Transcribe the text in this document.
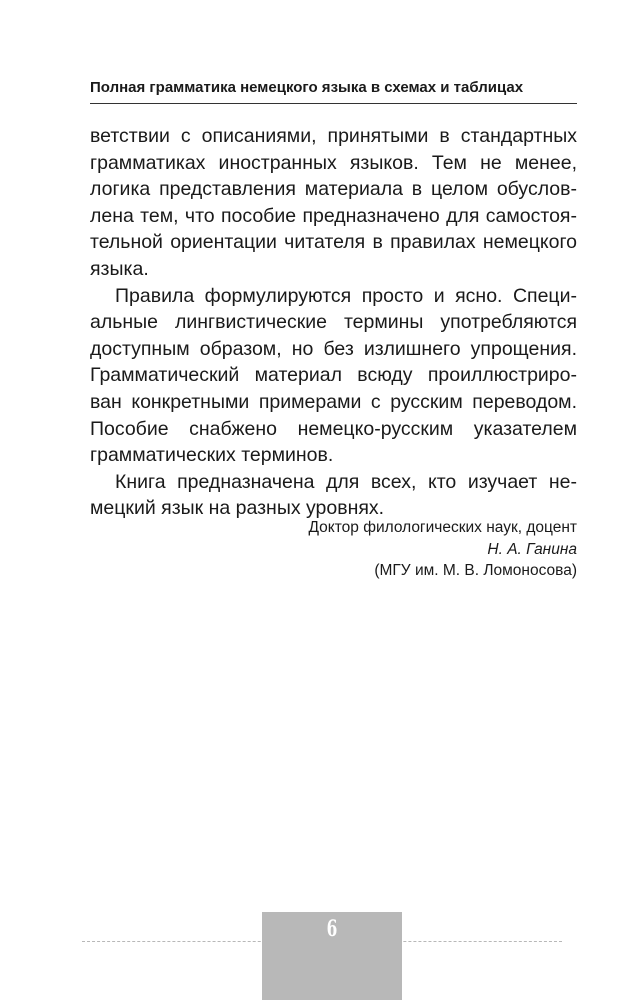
Полная грамматика немецкого языка в схемах и таблицах

ветствии с описаниями, принятыми в стандартных
грамматиках иностранных языков. Тем не менее,
логика представления материала в целом обуслов-
лена тем, что пособие предназначено для самостоя-
тельной ориентации читателя в правилах немецкого
языка.

Правила формулируются просто и ясно. Специ-
альные лингвистические термины употребляются
доступным образом, но без излишнего упрощения.
Грамматический материал всюду проиллюстриро-
ван конкретными примерами с русским переводом.
Пособие снабжено немецко-русским указателем
грамматических терминов.

Книга предназначена для всех, кто изучает не-
мецкий язык на разных уровнях.

Доктор филологических наук, доцент
Н. А. Ганина
(МГУ им. М. В. Ломоносова)
6
